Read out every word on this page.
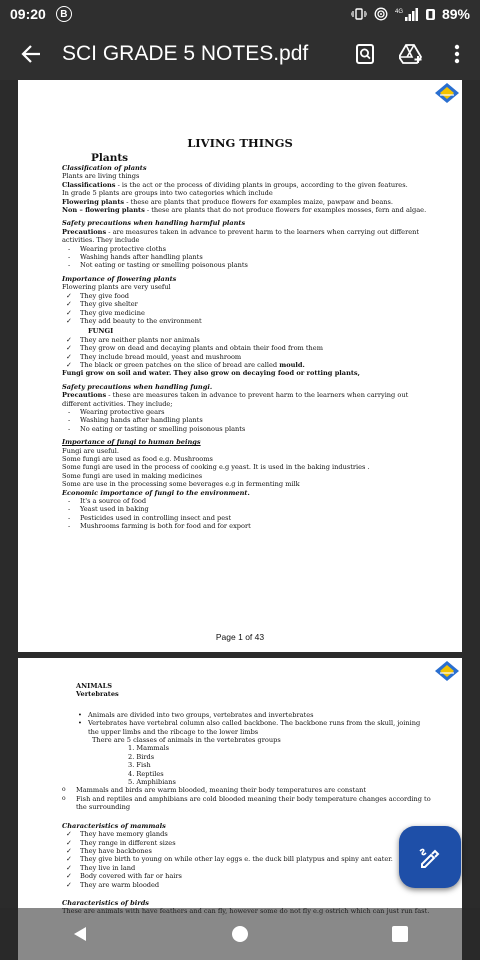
09:20	B	4G	▮ 89%
SCI GRADE 5 NOTES.pdf
LIVING THINGS
Plants

Classification of plants

Plants are living things

Classifications - is the act or the process of dividing plants in groups, according to the given features.

In grade 5 plants are groups into two categories which include

Flowering plants - these are plants that produce flowers for examples maize, pawpaw and beans.

Non – flowering plants - these are plants that do not produce flowers for examples mosses, fern and algae.

Safety precautions when handling harmful plants

Precautions - are measures taken in advance to prevent harm to the learners when carrying out different activities. They include

- Wearing protective cloths

- Washing hands after handling plants

- Not eating or tasting or smelling poisonous plants

Importance of flowering plants

Flowering plants are very useful

✓ They give food

✓ They give shelter

✓ They give medicine

✓ They add beauty to the environment

FUNGI

✓ They are neither plants nor animals

✓ They grow on dead and decaying plants and obtain their food from them

✓ They include bread mould, yeast and mushroom

✓ The black or green patches on the slice of bread are called mould.

Fungi grow on soil and water. They also grow on decaying food or rotting plants,

Safety precautions when handling fungi.

Precautions - these are measures taken in advance to prevent harm to the learners when carrying out different activities. They include;

- Wearing protective gears

- Washing hands after handling plants

- No eating or tasting or smelling poisonous plants

Importance of fungi to human beings

Fungi are useful.

Some fungi are used as food e.g. Mushrooms

Some fungi are used in the process of cooking e.g yeast. It is used in the baking industries .

Some fungi are used in making medicines

Some are use in the processing some beverages e.g in fermenting milk

Economic importance of fungi to the environment.

- It's a source of food

- Yeast used in baking

- Pesticides used in controlling insect and pest

- Mushrooms farming is both for food and for export

Page 1 of 43

ANIMALS

Vertebrates

• Animals are divided into two groups, vertebrates and invertebrates

• Vertebrates have vertebral column also called backbone. The backbone runs from the skull, joining the upper limbs and the ribcage to the lower limbs

There are 5 classes of animals in the vertebrates groups

1. Mammals

2. Birds

3. Fish

4. Reptiles

5. Amphibians

o Mammals and birds are warm blooded, meaning their body temperatures are constant

o Fish and reptiles and amphibians are cold blooded meaning their body temperature changes according to the surrounding

Characteristics of mammals

✓ They have memory glands

✓ They range in different sizes

✓ They have backbones

✓ They give birth to young on while other lay eggs e. the duck bill platypus and spiny ant eater.

✓ They live in land

✓ Body covered with far or hairs

✓ They are warm blooded

Characteristics of birds
